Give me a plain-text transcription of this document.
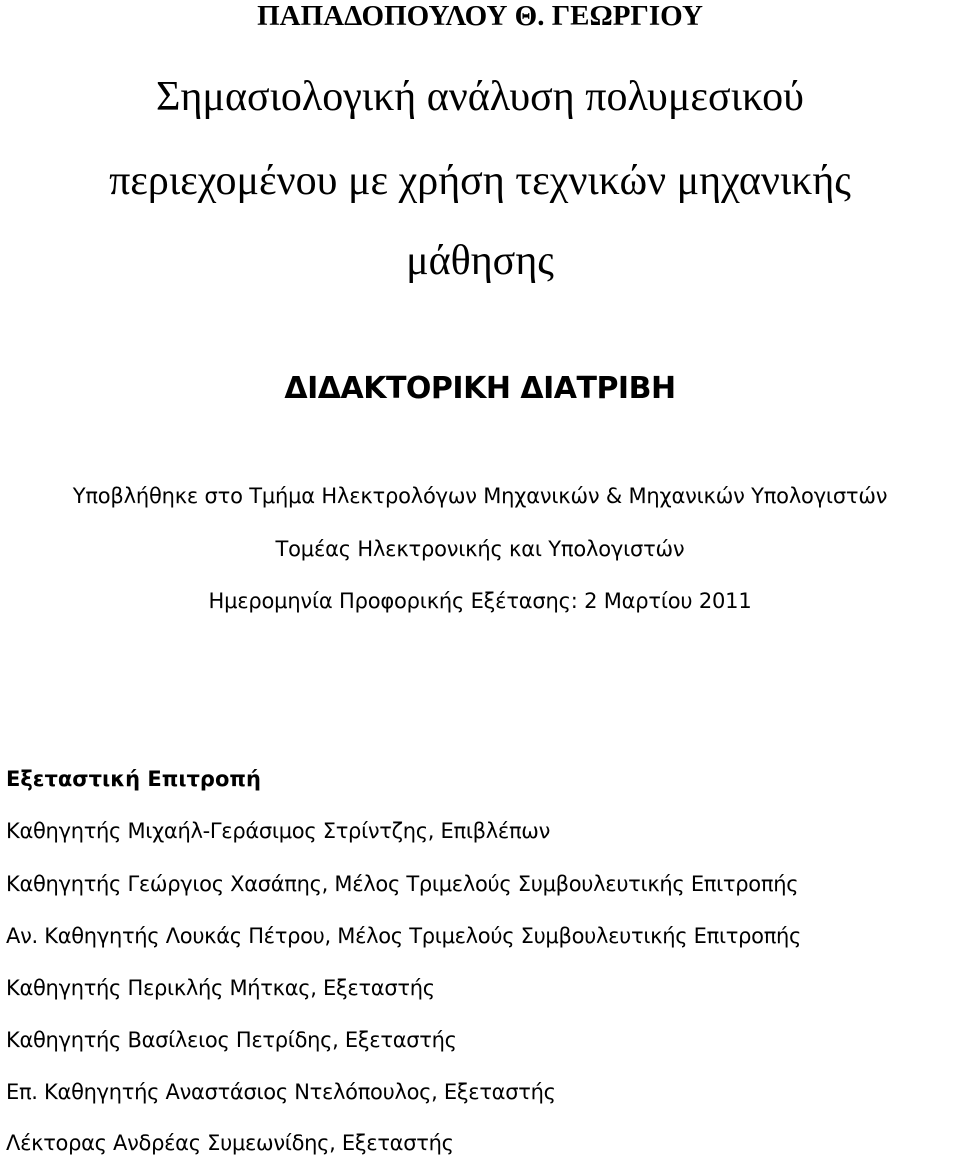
ΠΑΠΑΔΟΠΟΥΛΟΥ Θ. ΓΕΩΡΓΙΟΥ
Σημασιολογική ανάλυση πολυμεσικού
περιεχομένου με χρήση τεχνικών μηχανικής
μάθησης
ΔΙΔΑΚΤΟΡΙΚΗ ΔΙΑΤΡΙΒΗ
Υποβλήθηκε στο Τμήμα Ηλεκτρολόγων Μηχανικών & Μηχανικών Υπολογιστών
Τομέας Ηλεκτρονικής και Υπολογιστών
Ημερομηνία Προφορικής Εξέτασης: 2 Μαρτίου 2011
Εξεταστική Επιτροπή
Καθηγητής Μιχαήλ-Γεράσιμος Στρίντζης, Επιβλέπων
Καθηγητής Γεώργιος Χασάπης, Μέλος Τριμελούς Συμβουλευτικής Επιτροπής
Αν. Καθηγητής Λουκάς Πέτρου, Μέλος Τριμελούς Συμβουλευτικής Επιτροπής
Καθηγητής Περικλής Μήτκας, Εξεταστής
Καθηγητής Βασίλειος Πετρίδης, Εξεταστής
Επ. Καθηγητής Αναστάσιος Ντελόπουλος, Εξεταστής
Λέκτορας Ανδρέας Συμεωνίδης, Εξεταστής
